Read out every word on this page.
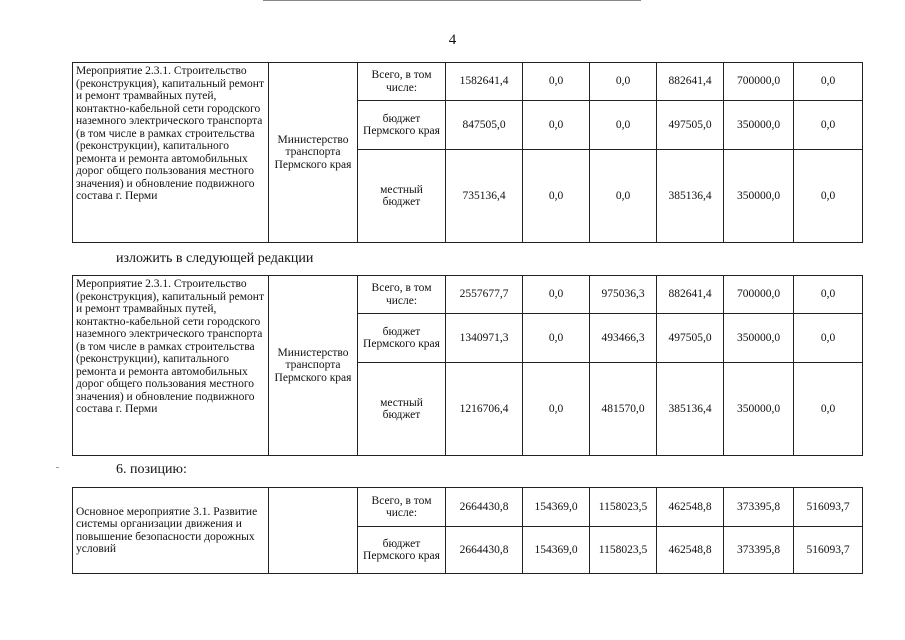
4
Мероприятие 2.3.1. Строительство (реконструкция), капитальный ремонт и ремонт трамвайных путей, контактно-кабельной сети городского наземного электрического транспорта (в том числе в рамках строительства (реконструкции), капитального ремонта и ремонта автомобильных дорог общего пользования местного значения) и обновление подвижного состава г. Перми	Министерство транспорта Пермского края	Всего, в том числе:	1582641,4	0,0	0,0	882641,4	700000,0	0,0
		бюджет Пермского края	847505,0	0,0	0,0	497505,0	350000,0	0,0
		местный бюджет	735136,4	0,0	0,0	385136,4	350000,0	0,0
изложить в следующей редакции
Мероприятие 2.3.1. Строительство (реконструкция), капитальный ремонт и ремонт трамвайных путей, контактно-кабельной сети городского наземного электрического транспорта (в том числе в рамках строительства (реконструкции), капитального ремонта и ремонта автомобильных дорог общего пользования местного значения) и обновление подвижного состава г. Перми	Министерство транспорта Пермского края	Всего, в том числе:	2557677,7	0,0	975036,3	882641,4	700000,0	0,0
		бюджет Пермского края	1340971,3	0,0	493466,3	497505,0	350000,0	0,0
		местный бюджет	1216706,4	0,0	481570,0	385136,4	350000,0	0,0
6. позицию:
Основное мероприятие 3.1. Развитие системы организации движения и повышение безопасности дорожных условий		Всего, в том числе:	2664430,8	154369,0	1158023,5	462548,8	373395,8	516093,7
		бюджет Пермского края	2664430,8	154369,0	1158023,5	462548,8	373395,8	516093,7
